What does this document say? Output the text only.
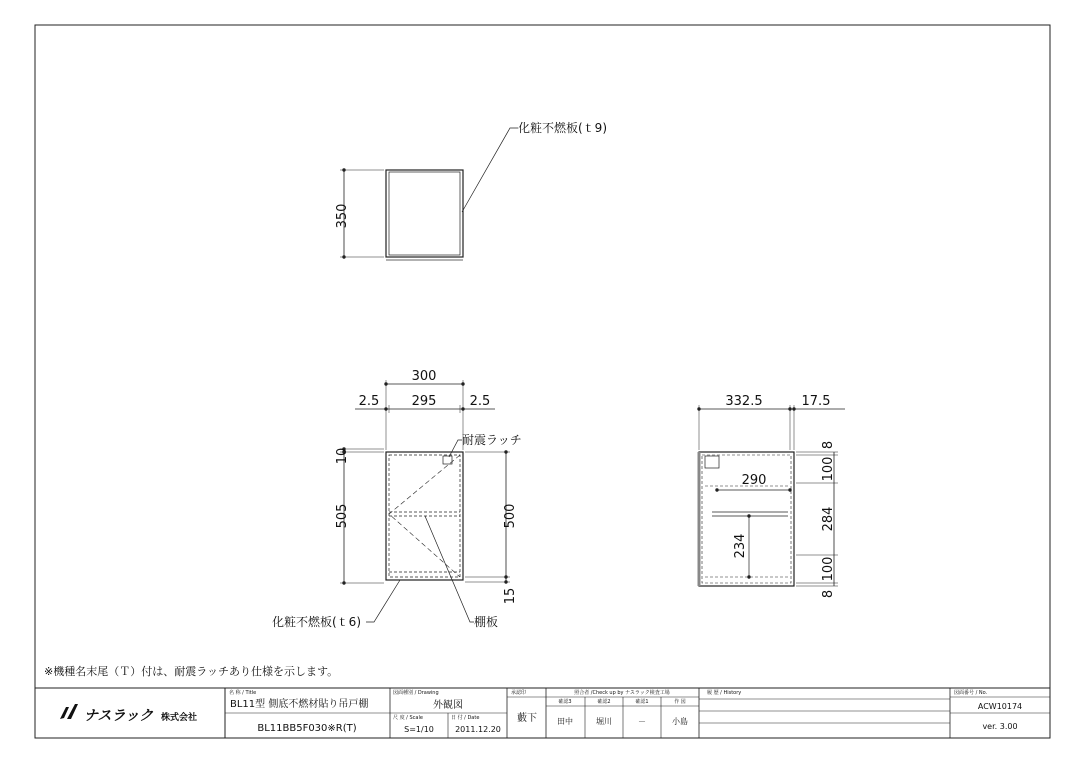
350
化粧不燃板(ｔ9)
300
2.5 295	2.5
10
505	500
15
耐震ラッチ
化粧不燃板(ｔ6)	棚板
332.5	17.5
290
234
8
100
284
100
8
※機種名末尾（Ｔ）付は、耐震ラッチあり仕様を示します。
ナスラック 株式会社
名 称 / Title
BL11型 側底不燃材貼り吊戸棚
BL11BB5F030※R(T)
図面種別 / Drawing
外観図
尺 度 / Scale
S=1/10
日 付 / Date
2011.12.20
承認印
藪下
照合者 /Check up by ナスラック検査工場
確認3	確認2	確認1	作 図
田中	堀川	－	小島
履 歴 / History	図面番号 / No.
ACW10174
ver. 3.00
